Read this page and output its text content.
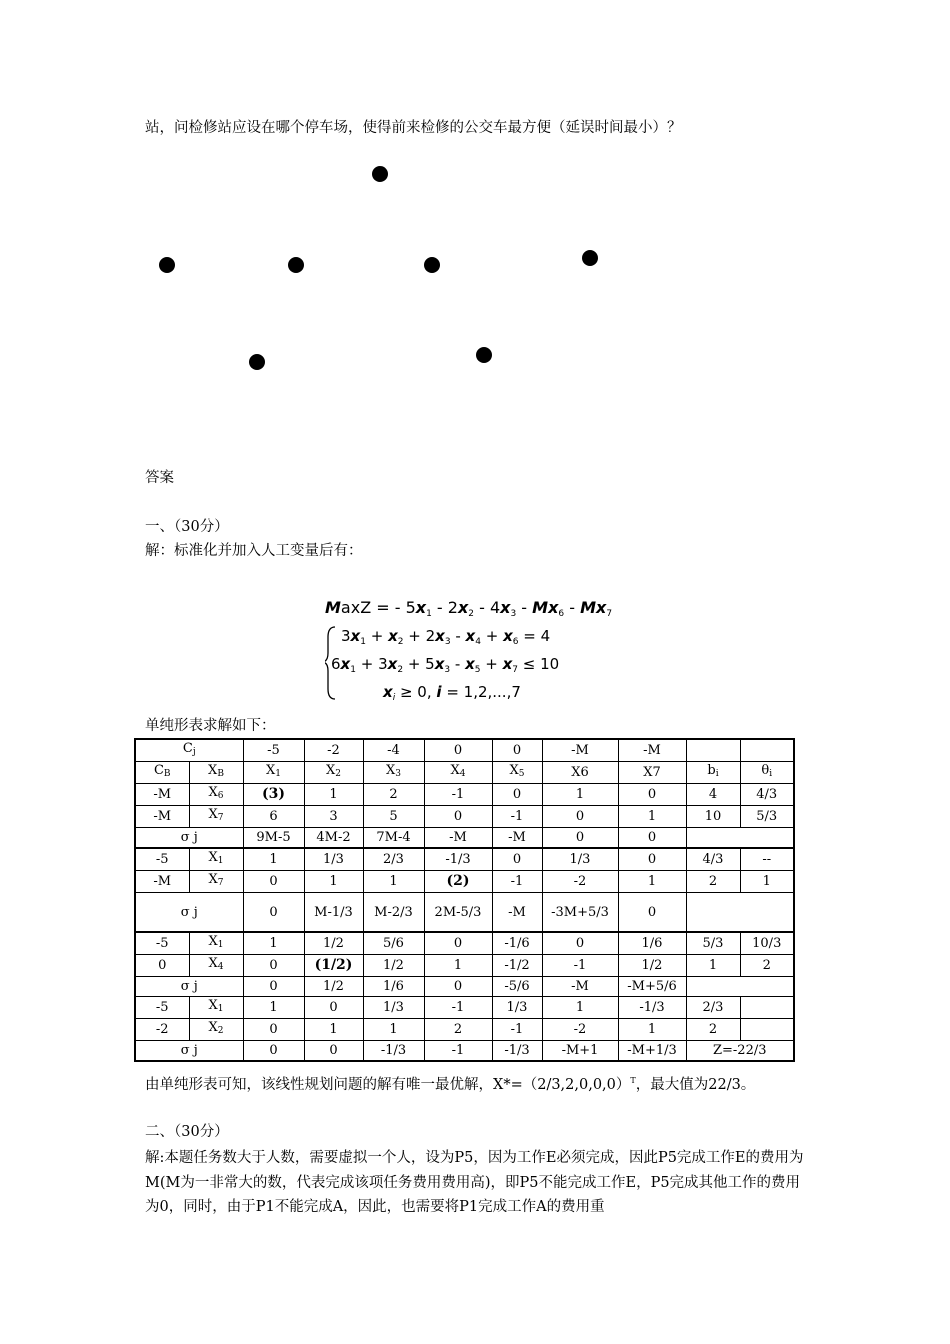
站，问检修站应设在哪个停车场，使得前来检修的公交车最方便（延误时间最小）？
答案
一、（30分）
解：标准化并加入人工变量后有：
MaxZ = - 5x1 - 2x2 - 4x3 - Mx6 - Mx7
$3x_1 + x_2 + 2x_3 - x_4 + x_6 = 4$
$6x_1 + 3x_2 + 5x_3 - x_5 + x_7 \le 10$
$x_i \ge 0$, i = 1,2,...,7
单纯形表求解如下：
$C_j$		-5	-2	-4	0	0	-M	-M		
$C_B$	$X_B$	$X_1$	$X_2$	$X_3$	$X_4$	$X_5$	X6	X7	$b_i$	$\theta_i$
-M	$X_6$	(3)	1	2	-1	0	1	0	4	4/3
-M	$X_7$	6	3	5	0	-1	0	1	10	5/3
σ j		9M-5	4M-2	7M-4	-M	-M	0	0		
-5	$X_1$	1	1/3	2/3	-1/3	0	1/3	0	4/3	--
-M	$X_7$	0	1	1	(2)	-1	-2	1	2	1
σ j		0	M-1/3	M-2/3	2M-5/3	-M	-3M+5/3	0		
-5	$X_1$	1	1/2	5/6	0	-1/6	0	1/6	5/3	10/3
0	$X_4$	0	(1/2)	1/2	1	-1/2	-1	1/2	1	2
σ j		0	1/2	1/6	0	-5/6	-M	-M+5/6		
-5	$X_1$	1	0	1/3	-1	1/3	1	-1/3	2/3	
-2	$X_2$	0	1	1	2	-1	-2	1	2	
σ j		0	0	-1/3	-1	-1/3	-M+1	-M+1/3	Z=-22/3	
由单纯形表可知，该线性规划问题的解有唯一最优解，$X*=(2/3,2,0,0,0)^T$，最大值为22/3。
二、（30分）
解:本题任务数大于人数，需要虚拟一个人，设为P5，因为工作E必须完成，因此P5完成工作E的费用为M(M为一非常大的数，代表完成该项任务费用费用高)，即P5不能完成工作E，P5完成其他工作的费用为0，同时，由于P1不能完成A，因此，也需要将P1完成工作A的费用重
